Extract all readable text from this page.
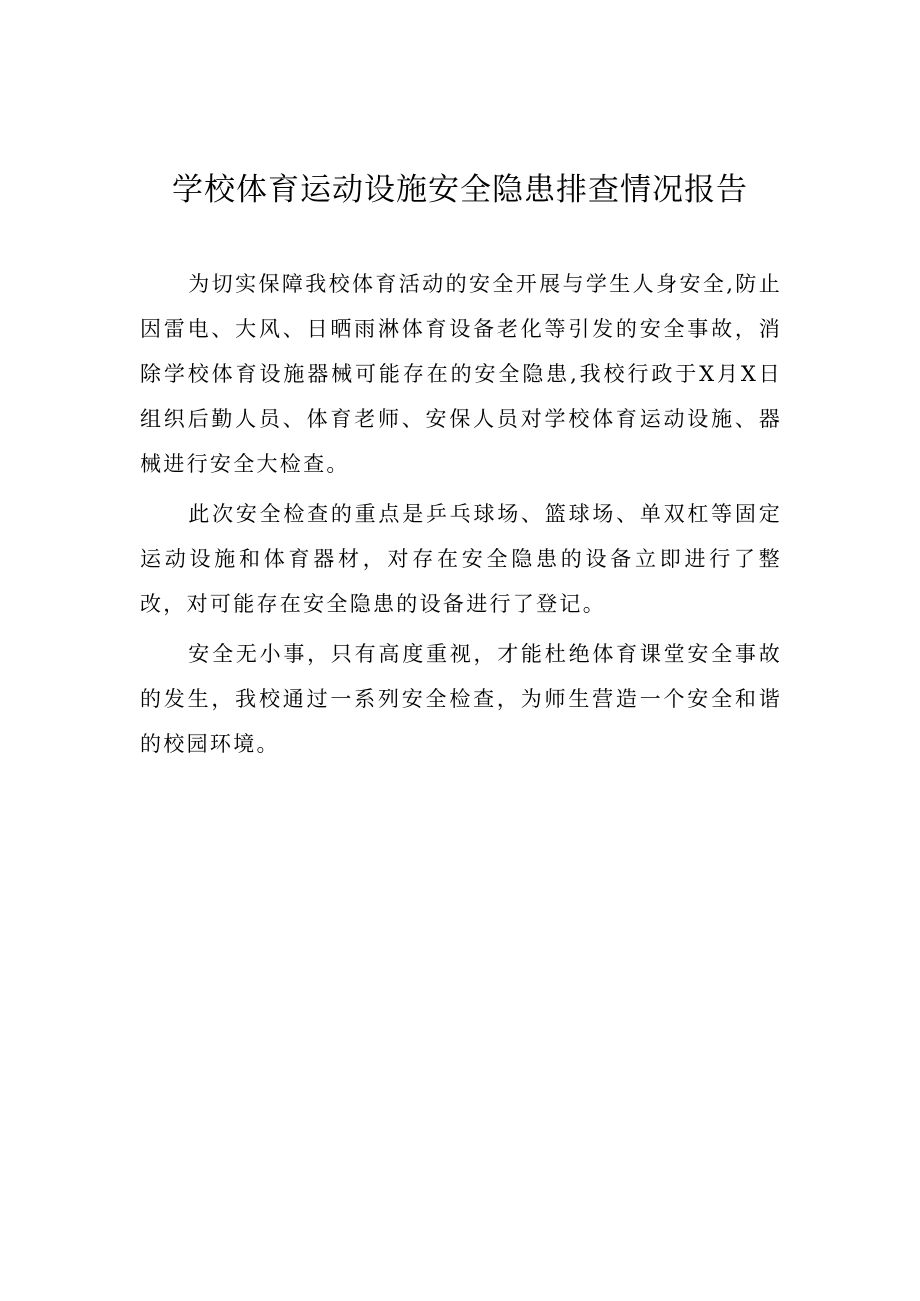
学校体育运动设施安全隐患排查情况报告

为切实保障我校体育活动的安全开展与学生人身安全,防止因雷电、大风、日晒雨淋体育设备老化等引发的安全事故，消除学校体育设施器械可能存在的安全隐患,我校行政于X月X日组织后勤人员、体育老师、安保人员对学校体育运动设施、器械进行安全大检查。

此次安全检查的重点是乒乓球场、篮球场、单双杠等固定运动设施和体育器材，对存在安全隐患的设备立即进行了整改，对可能存在安全隐患的设备进行了登记。

安全无小事，只有高度重视，才能杜绝体育课堂安全事故的发生，我校通过一系列安全检查，为师生营造一个安全和谐的校园环境。
